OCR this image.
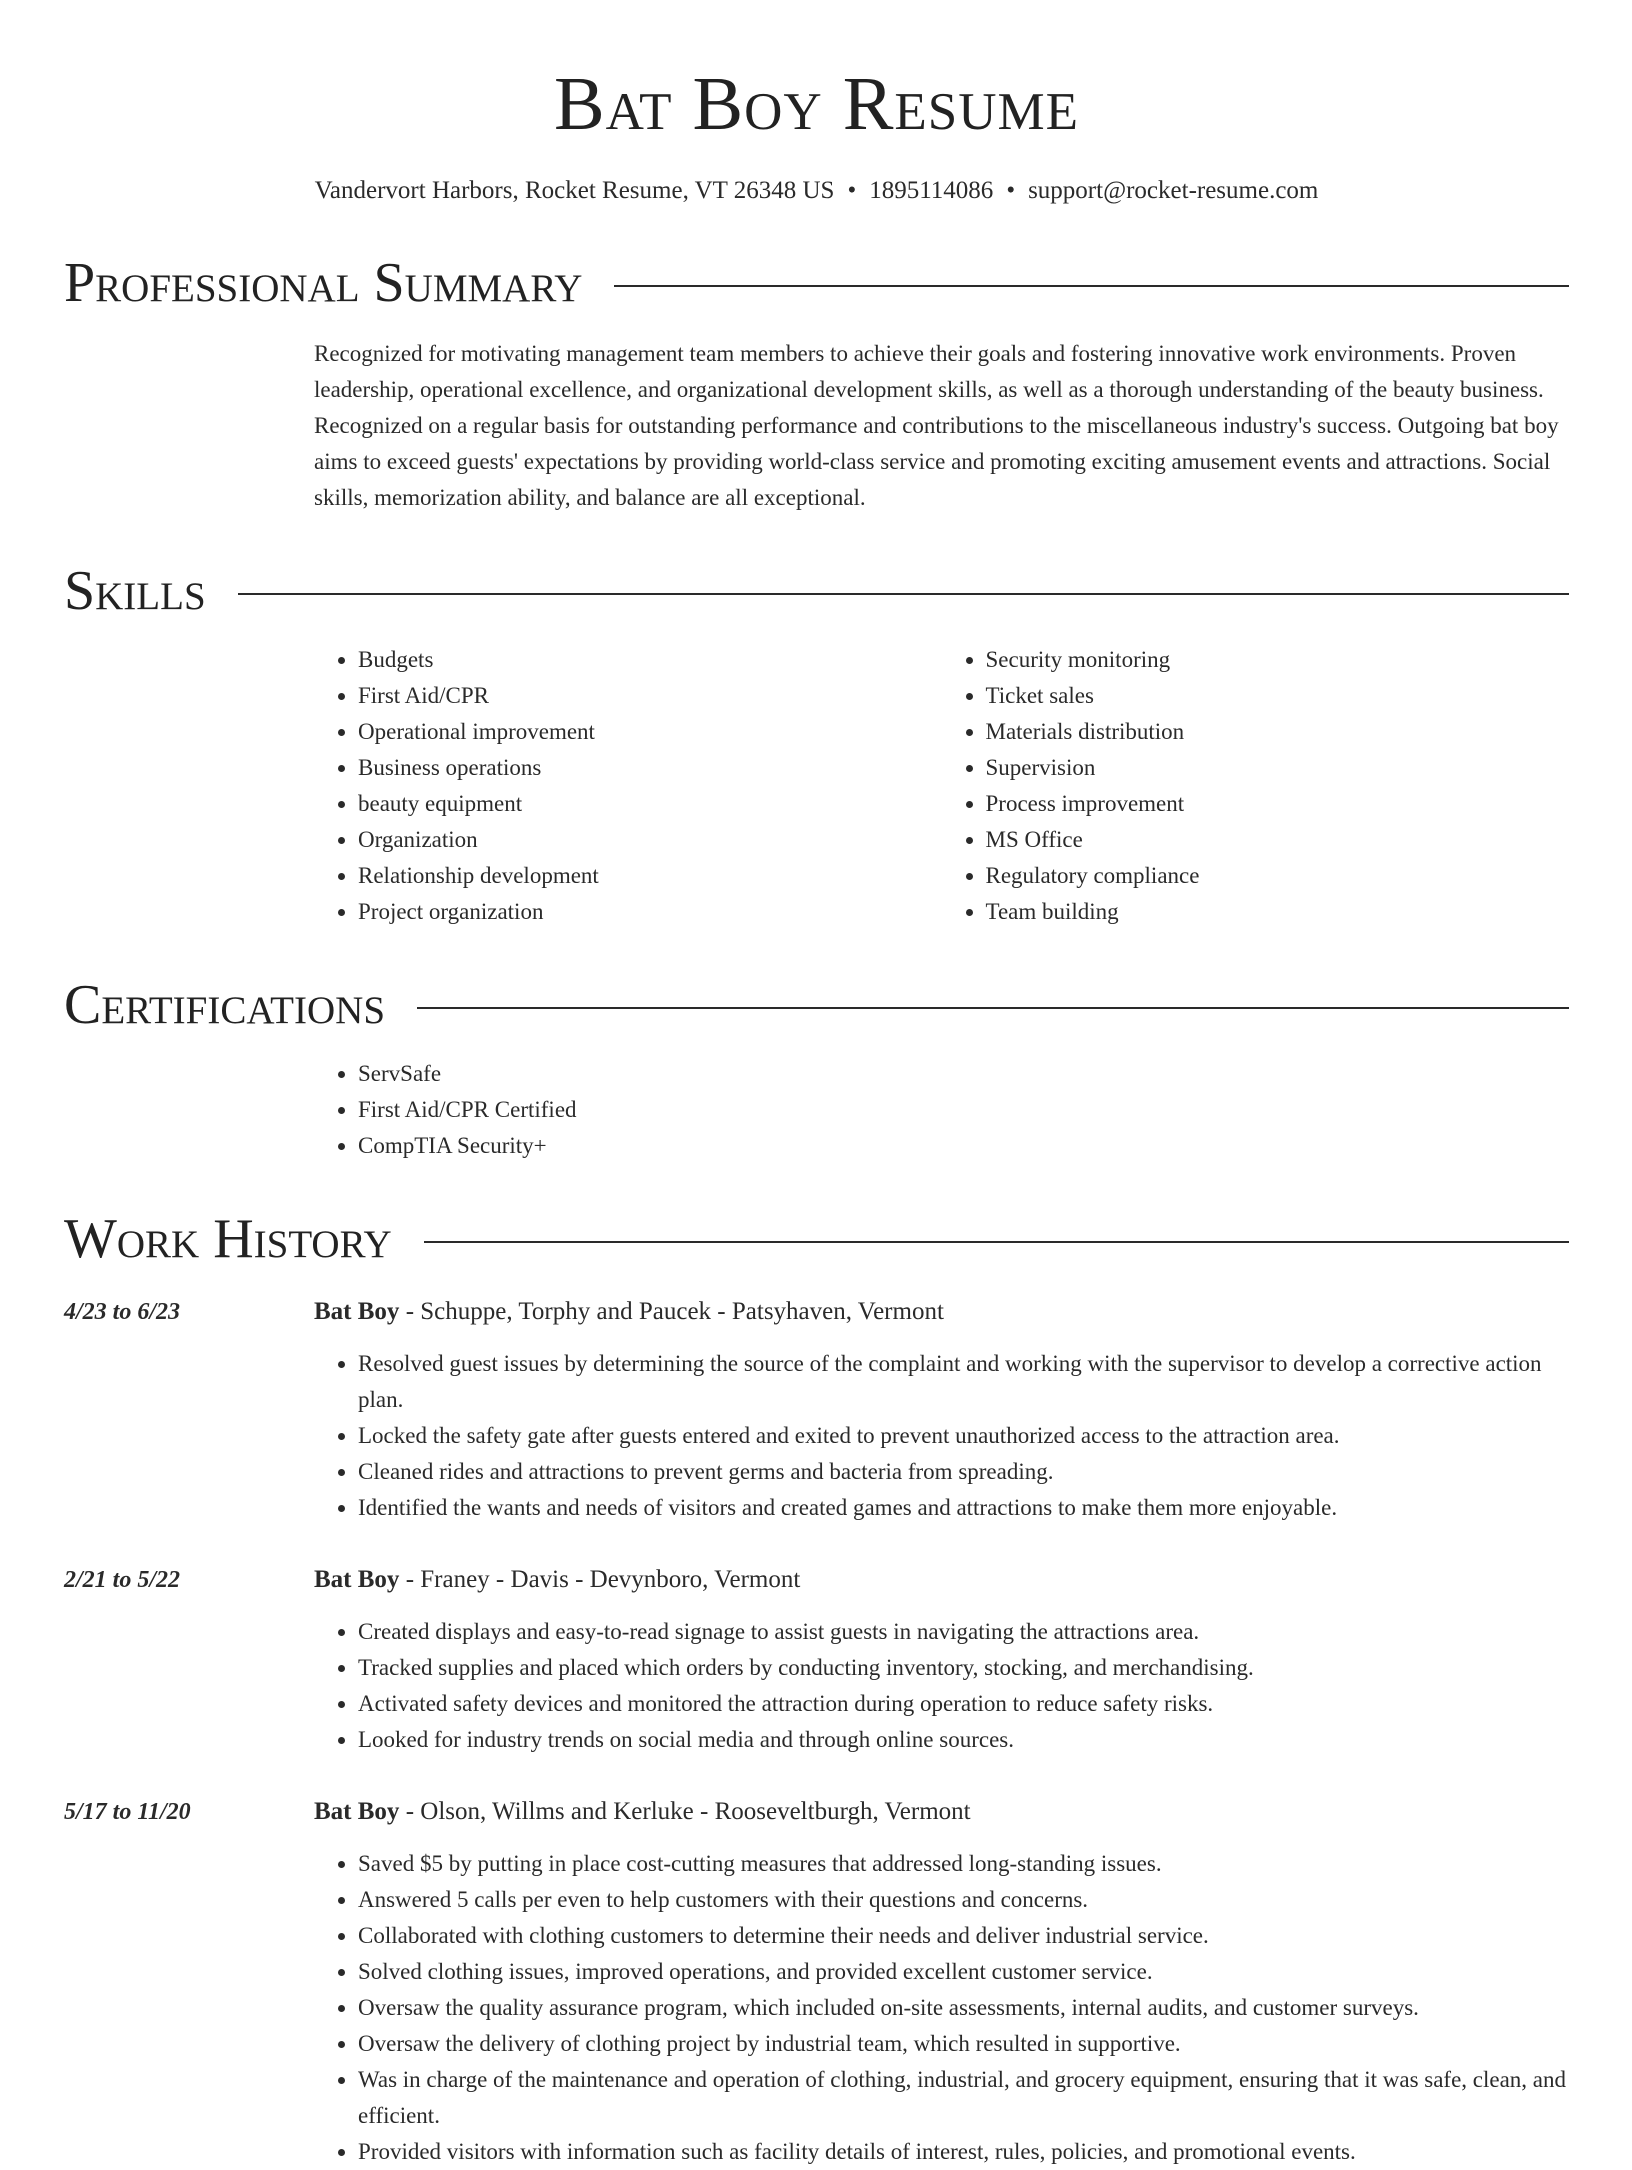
Bat Boy Resume
Vandervort Harbors, Rocket Resume, VT 26348 US • 1895114086 • support@rocket-resume.com
Professional Summary
Recognized for motivating management team members to achieve their goals and fostering innovative work environments. Proven leadership, operational excellence, and organizational development skills, as well as a thorough understanding of the beauty business. Recognized on a regular basis for outstanding performance and contributions to the miscellaneous industry's success. Outgoing bat boy aims to exceed guests' expectations by providing world-class service and promoting exciting amusement events and attractions. Social skills, memorization ability, and balance are all exceptional.
Skills
• Budgets
• First Aid/CPR
• Operational improvement
• Business operations
• beauty equipment
• Organization
• Relationship development
• Project organization
• Security monitoring
• Ticket sales
• Materials distribution
• Supervision
• Process improvement
• MS Office
• Regulatory compliance
• Team building
Certifications
• ServSafe
• First Aid/CPR Certified
• CompTIA Security+
Work History
4/23 to 6/23	Bat Boy - Schuppe, Torphy and Paucek - Patsyhaven, Vermont
• Resolved guest issues by determining the source of the complaint and working with the supervisor to develop a corrective action plan.
• Locked the safety gate after guests entered and exited to prevent unauthorized access to the attraction area.
• Cleaned rides and attractions to prevent germs and bacteria from spreading.
• Identified the wants and needs of visitors and created games and attractions to make them more enjoyable.
2/21 to 5/22	Bat Boy - Franey - Davis - Devynboro, Vermont
• Created displays and easy-to-read signage to assist guests in navigating the attractions area.
• Tracked supplies and placed which orders by conducting inventory, stocking, and merchandising.
• Activated safety devices and monitored the attraction during operation to reduce safety risks.
• Looked for industry trends on social media and through online sources.
5/17 to 11/20	Bat Boy - Olson, Willms and Kerluke - Rooseveltburgh, Vermont
• Saved $5 by putting in place cost-cutting measures that addressed long-standing issues.
• Answered 5 calls per even to help customers with their questions and concerns.
• Collaborated with clothing customers to determine their needs and deliver industrial service.
• Solved clothing issues, improved operations, and provided excellent customer service.
• Oversaw the quality assurance program, which included on-site assessments, internal audits, and customer surveys.
• Oversaw the delivery of clothing project by industrial team, which resulted in supportive.
• Was in charge of the maintenance and operation of clothing, industrial, and grocery equipment, ensuring that it was safe, clean, and efficient.
• Provided visitors with information such as facility details of interest, rules, policies, and promotional events.
